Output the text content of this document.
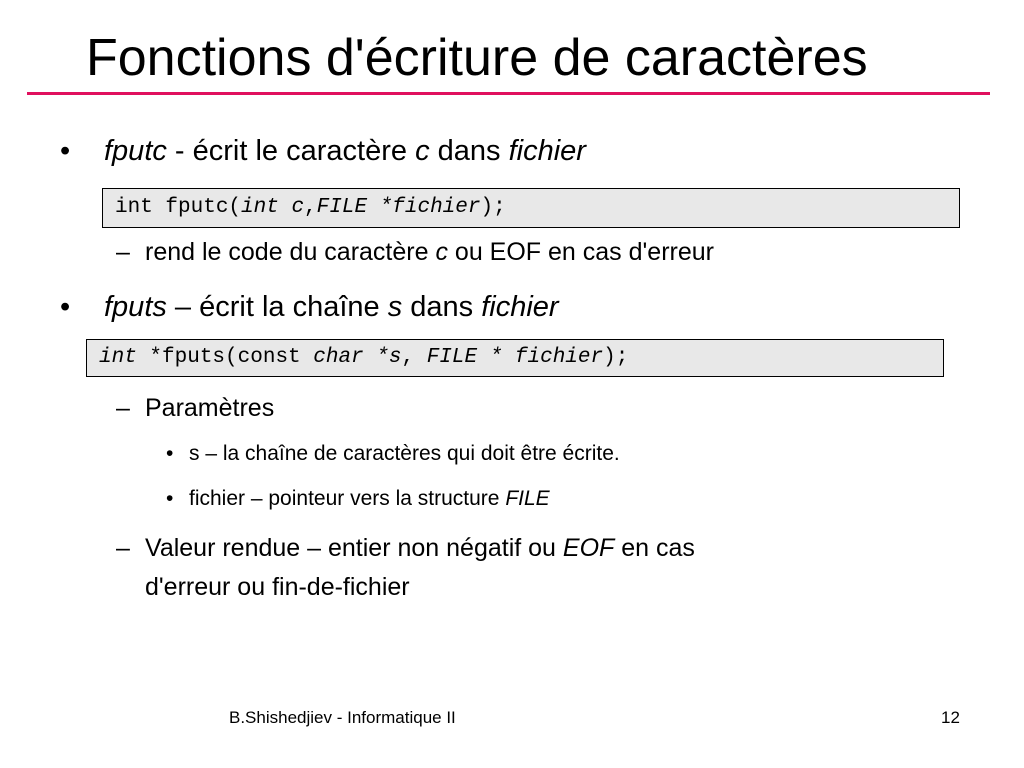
Fonctions d'écriture de caractères
• fputc - écrit le caractère c dans fichier
int fputc(int c,FILE *fichier);
– rend le code du caractère c ou EOF en cas d'erreur
• fputs – écrit la chaîne s dans fichier
int *fputs(const char *s, FILE * fichier);
– Paramètres
• s – la chaîne de caractères qui doit être écrite.
• fichier – pointeur vers la structure FILE
– Valeur rendue – entier non négatif ou EOF en cas
d'erreur ou fin-de-fichier
B.Shishedjiev - Informatique II	12
